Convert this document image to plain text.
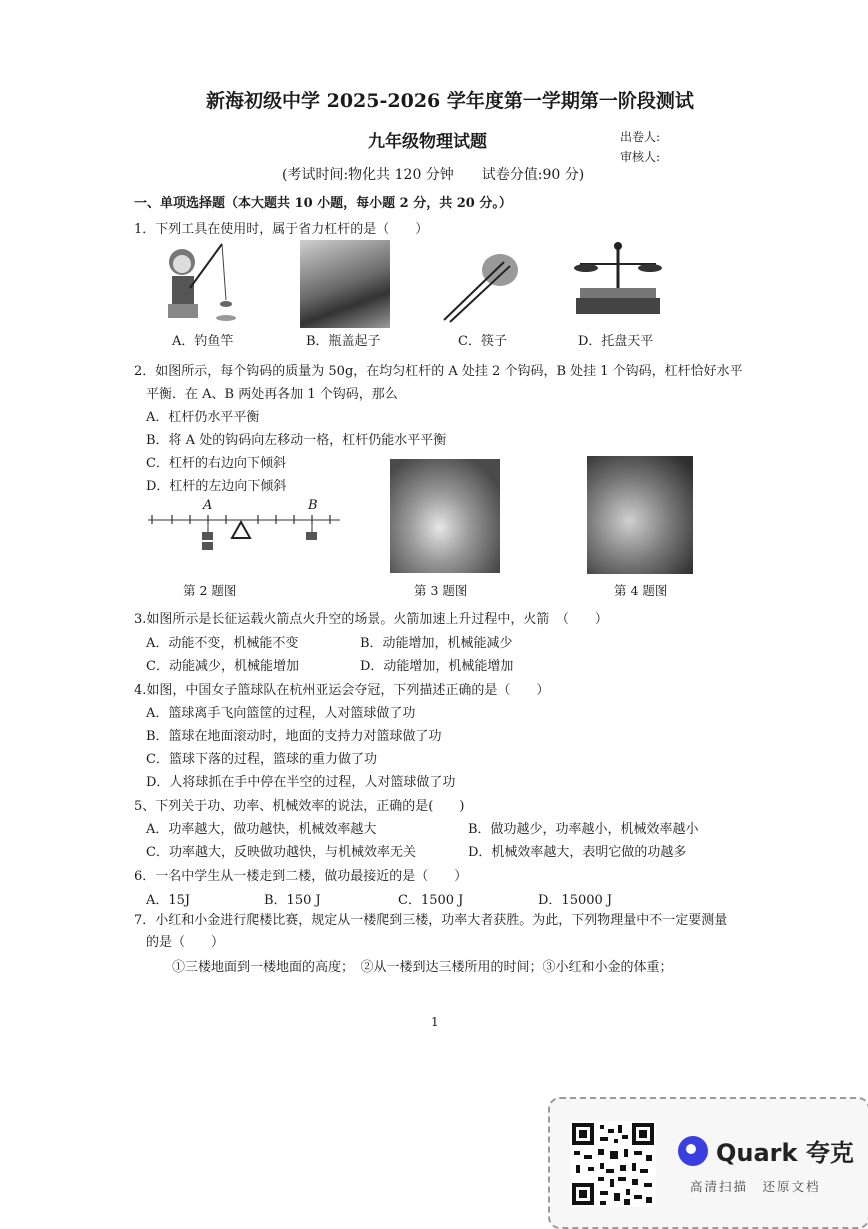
新海初级中学 2025-2026 学年度第一学期第一阶段测试
九年级物理试题	出卷人:
审核人:
(考试时间:物化共 120 分钟　　试卷分值:90 分)
一、单项选择题（本大题共 10 小题，每小题 2 分，共 20 分。）
1．下列工具在使用时，属于省力杠杆的是（　　）
A．钓鱼竿	B．瓶盖起子	C．筷子	D．托盘天平
2．如图所示，每个钩码的质量为 50g，在均匀杠杆的 A 处挂 2 个钩码，B 处挂 1 个钩码，杠杆恰好水平
平衡．在 A、B 两处再各加 1 个钩码，那么
A．杠杆仍水平平衡
B．将 A 处的钩码向左移动一格，杠杆仍能水平平衡
C．杠杆的右边向下倾斜
D．杠杆的左边向下倾斜
A	B
第 2 题图	第 3 题图	第 4 题图
3.如图所示是长征运载火箭点火升空的场景。火箭加速上升过程中，火箭　（　　）
A．动能不变，机械能不变	B．动能增加，机械能减少
C．动能减少，机械能增加	D．动能增加，机械能增加
4.如图，中国女子篮球队在杭州亚运会夺冠，下列描述正确的是（　　）
A．篮球离手飞向篮筐的过程，人对篮球做了功
B．篮球在地面滚动时，地面的支持力对篮球做了功
C．篮球下落的过程，篮球的重力做了功
D．人将球抓在手中停在半空的过程，人对篮球做了功
5、下列关于功、功率、机械效率的说法，正确的是(　　)
A．功率越大，做功越快，机械效率越大	B．做功越少，功率越小，机械效率越小
C．功率越大，反映做功越快，与机械效率无关	D．机械效率越大，表明它做的功越多
6．一名中学生从一楼走到二楼，做功最接近的是（　　）
A．15J	B．150 J	C．1500 J	D．15000 J
7．小红和小金进行爬楼比赛，规定从一楼爬到三楼，功率大者获胜。为此，下列物理量中不一定要测量
的是（　　）
①三楼地面到一楼地面的高度；　②从一楼到达三楼所用的时间；③小红和小金的体重；
1
Quark 夸克
高清扫描　还原文档
